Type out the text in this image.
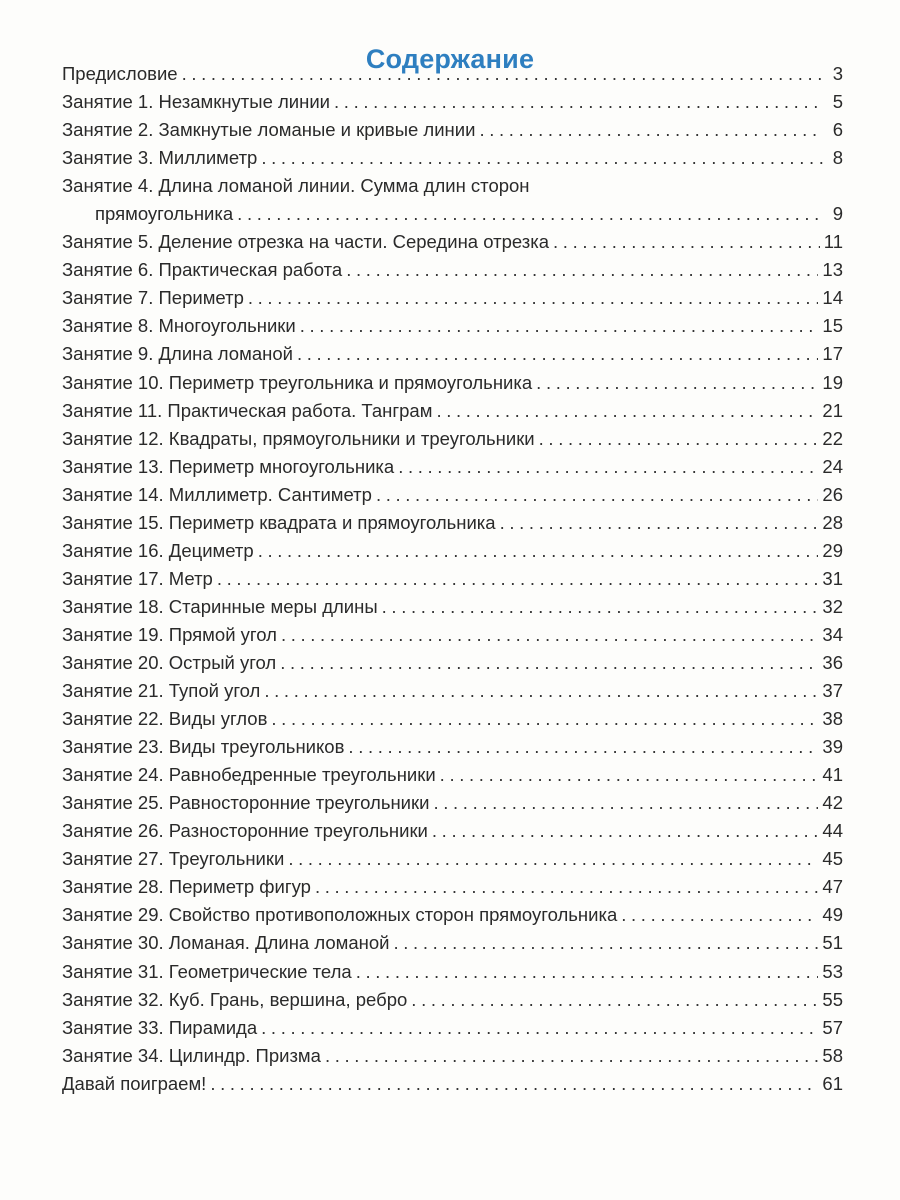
Содержание
Предисловие . . .	3
Занятие 1. Незамкнутые линии . . .	5
Занятие 2. Замкнутые ломаные и кривые линии . . .	6
Занятие 3. Миллиметр . . .	8
Занятие 4. Длина ломаной линии. Сумма длин сторон
прямоугольника . . .	9
Занятие 5. Деление отрезка на части. Середина отрезка . . .	11
Занятие 6. Практическая работа . . .	13
Занятие 7. Периметр . . .	14
Занятие 8. Многоугольники . . .	15
Занятие 9. Длина ломаной . . .	17
Занятие 10. Периметр треугольника и прямоугольника . . .	19
Занятие 11. Практическая работа. Танграм . . .	21
Занятие 12. Квадраты, прямоугольники и треугольники . . .	22
Занятие 13. Периметр многоугольника . . .	24
Занятие 14. Миллиметр. Сантиметр . . .	26
Занятие 15. Периметр квадрата и прямоугольника . . .	28
Занятие 16. Дециметр . . .	29
Занятие 17. Метр . . .	31
Занятие 18. Старинные меры длины . . .	32
Занятие 19. Прямой угол . . .	34
Занятие 20. Острый угол . . .	36
Занятие 21. Тупой угол . . .	37
Занятие 22. Виды углов . . .	38
Занятие 23. Виды треугольников . . .	39
Занятие 24. Равнобедренные треугольники . . .	41
Занятие 25. Равносторонние треугольники . . .	42
Занятие 26. Разносторонние треугольники . . .	44
Занятие 27. Треугольники . . .	45
Занятие 28. Периметр фигур . . .	47
Занятие 29. Свойство противоположных сторон прямоугольника . . .	49
Занятие 30. Ломаная. Длина ломаной . . .	51
Занятие 31. Геометрические тела . . .	53
Занятие 32. Куб. Грань, вершина, ребро . . .	55
Занятие 33. Пирамида . . .	57
Занятие 34. Цилиндр. Призма . . .	58
Давай поиграем! . . .	61
